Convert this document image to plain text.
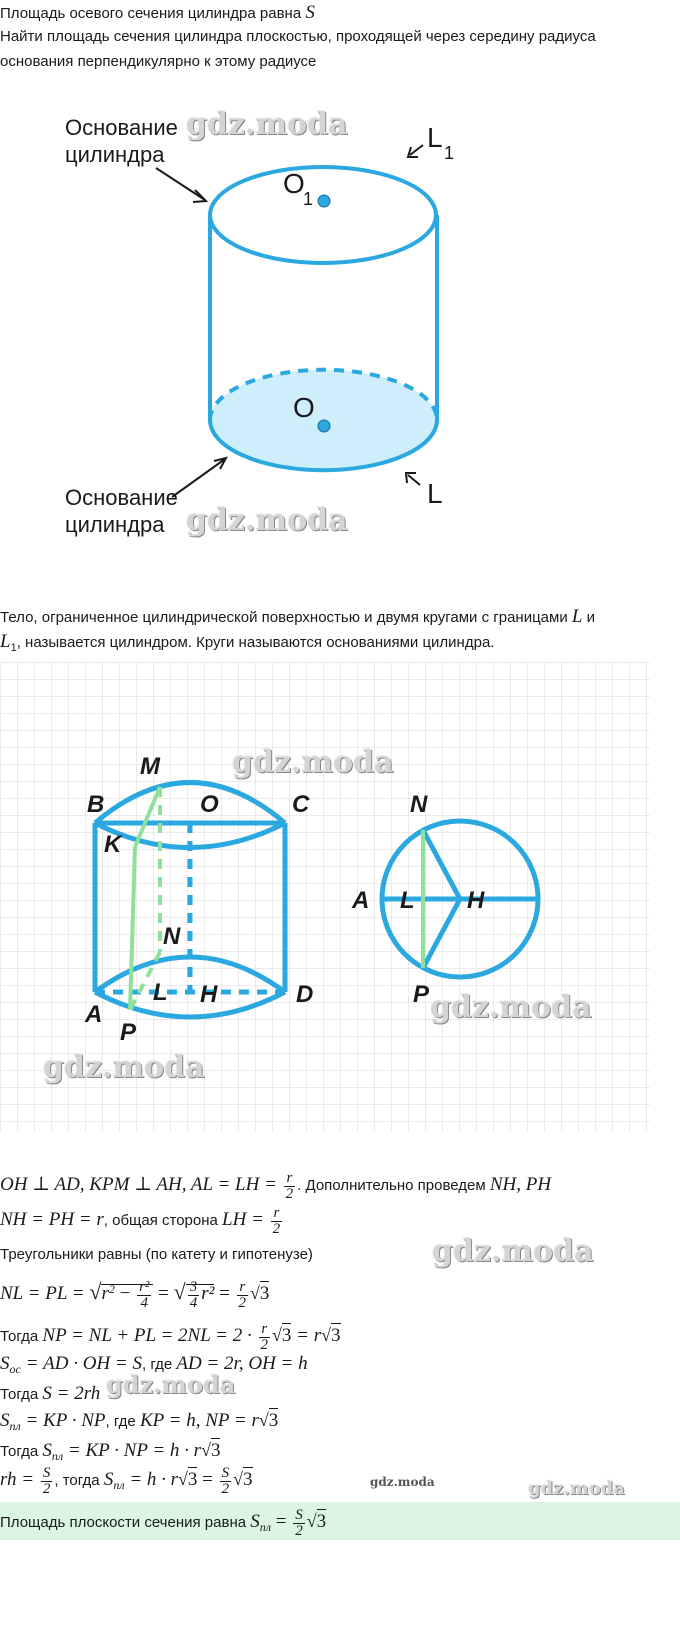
Площадь осевого сечения цилиндра равна S
Найти площадь сечения цилиндра плоскостью, проходящей через середину радиуса
основания перпендикулярно к этому радиусе
Основание
цилиндра
Основание
цилиндра
O
1
O
L 1
L
gdz.moda
gdz.moda
Тело, ограниченное цилиндрической поверхностью и двумя кругами с границами L и
$L_1$, называется цилиндром. Круги называются основаниями цилиндра.
M
B	O	C
K
N
A
L H	D
P
N
A L H
P
gdz.moda
gdz.moda
gdz.moda
OH ⊥ AD, KPM ⊥ AH, AL = LH = $\frac{r}{2}$ . Дополнительно проведем NH, PH
NH = PH = r, общая сторона LH = $\frac{r}{2}$
Треугольники равны (по катету и гипотенузе)	gdz.moda
NL = PL = $√r^2 - \frac{\text{r²}}{4}$ = √ $\frac{3}{4} r^2 = \frac{r}{2} √3$
Тогда NP = NL + PL = $2NL = 2 \cdot \frac{r}{2} √3 = r√3$
$S_{ос}$ = AD · OH = S, где AD = 2r, OH = h
Тогда S = 2rh gdz.moda
$S_{пл}$ = KP · NP, где KP = h, NP = r√3
Тогда $S_{пл}$ = KP · NP = h · r√3
rh = $\frac{S}{2}$ , тогда $S_{пл} = h \cdot r√3 = \frac{S}{2} √3$	gdz.moda	gdz.moda
Площадь плоскости сечения равна $S_{пл} = \frac{S}{2} √3$
